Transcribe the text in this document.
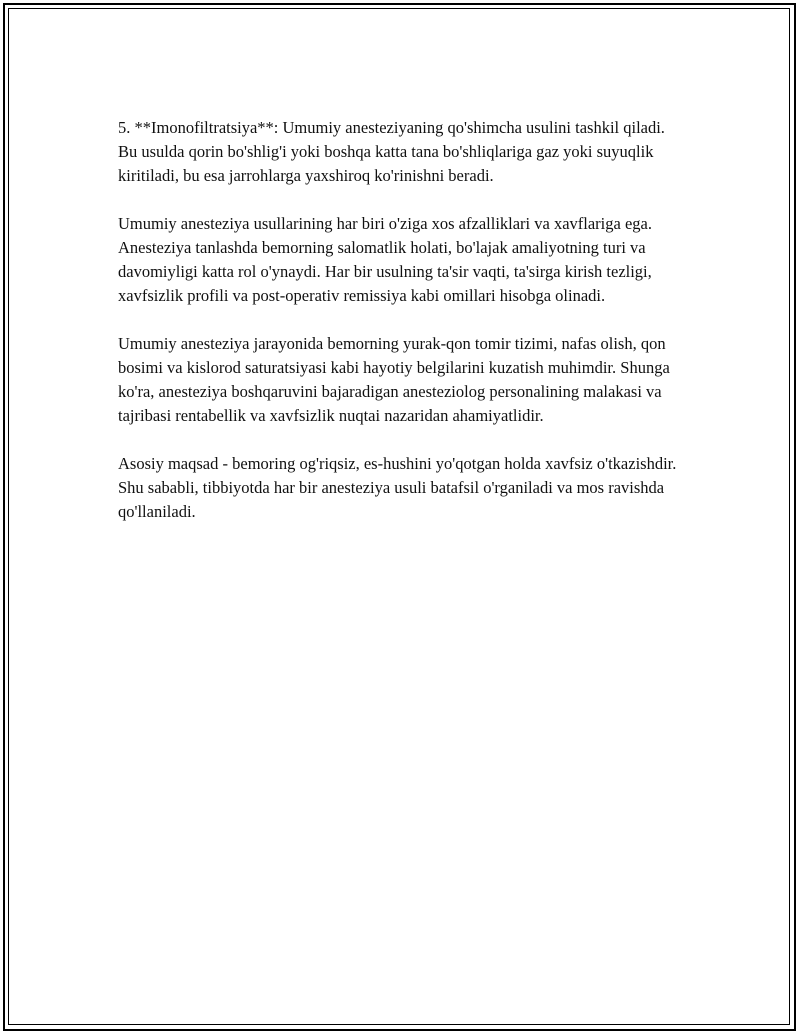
5. **Imonofiltratsiya**: Umumiy anesteziyaning qo'shimcha usulini tashkil qiladi. Bu usulda qorin bo'shlig'i yoki boshqa katta tana bo'shliqlariga gaz yoki suyuqlik kiritiladi, bu esa jarrohlarga yaxshiroq ko'rinishni beradi.

Umumiy anesteziya usullarining har biri o'ziga xos afzalliklari va xavflariga ega. Anesteziya tanlashda bemorning salomatlik holati, bo'lajak amaliyotning turi va davomiyligi katta rol o'ynaydi. Har bir usulning ta'sir vaqti, ta'sirga kirish tezligi, xavfsizlik profili va post-operativ remissiya kabi omillari hisobga olinadi.

Umumiy anesteziya jarayonida bemorning yurak-qon tomir tizimi, nafas olish, qon bosimi va kislorod saturatsiyasi kabi hayotiy belgilarini kuzatish muhimdir. Shunga ko'ra, anesteziya boshqaruvini bajaradigan anesteziolog personalining malakasi va tajribasi rentabellik va xavfsizlik nuqtai nazaridan ahamiyatlidir.

Asosiy maqsad - bemoring og'riqsiz, es-hushini yo'qotgan holda xavfsiz o'tkazishdir. Shu sababli, tibbiyotda har bir anesteziya usuli batafsil o'rganiladi va mos ravishda qo'llaniladi.
